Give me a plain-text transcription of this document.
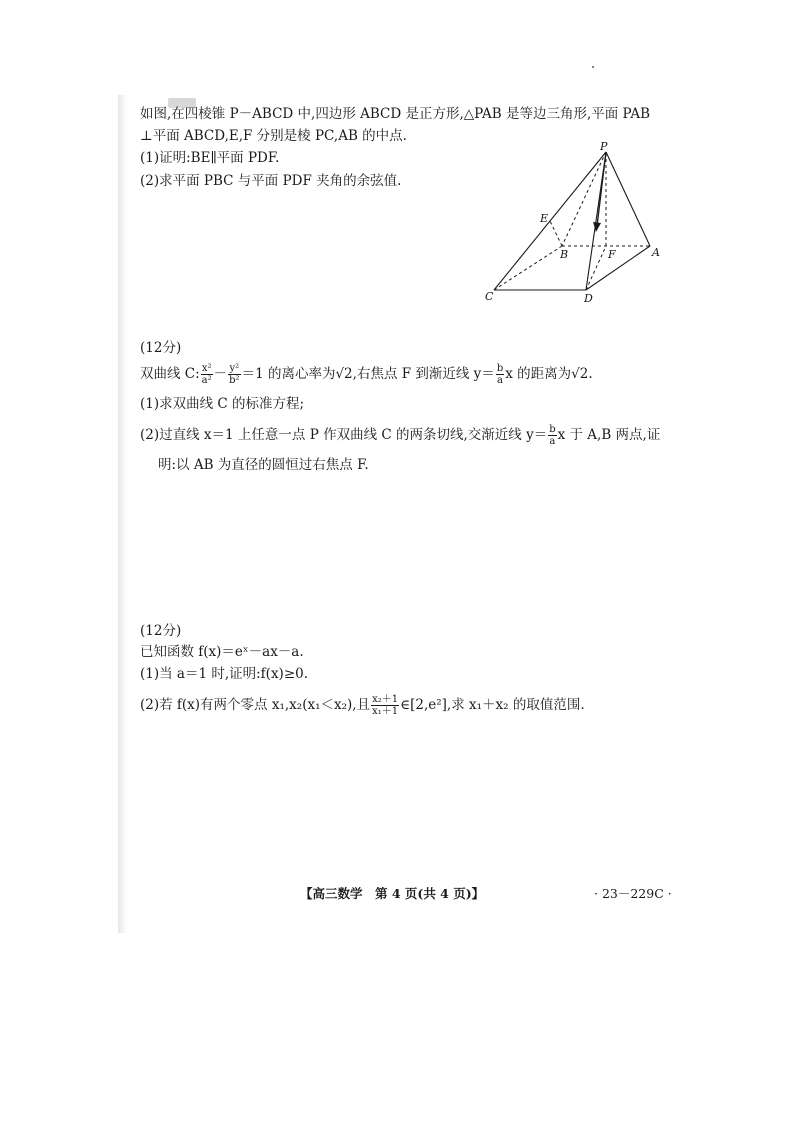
如图,在四棱锥 P－ABCD 中,四边形 ABCD 是正方形,△PAB 是等边三角形,平面 PAB
⊥平面 ABCD,E,F 分别是棱 PC,AB 的中点.
(1)证明:BE∥平面 PDF.
(2)求平面 PBC 与平面 PDF 夹角的余弦值.
P
E
B	F	A
C	D
(12分)
双曲线 C: $\frac{\text{x²}}{\text{a²}} - \frac{\text{y²}}{\text{b²}} =1$ 的离心率为√2,右焦点 F 到渐近线 $y= \frac{b}{a}$ x 的距离为√2.
(1)求双曲线 C 的标准方程;
(2)过直线 x＝1 上任意一点 P 作双曲线 C 的两条切线,交渐近线 $y= \frac{b}{a}$ x 于 A,B 两点,证
明:以 AB 为直径的圆恒过右焦点 F.
(12分)
已知函数 f(x)＝eˣ－ax－a.
(1)当 a＝1 时,证明:f(x)≥0.
(2)若 f(x)有两个零点 x₁,x₂(x₁＜x₂),且 $\frac{\text{x₂＋1}}{\text{x₁＋1}}$ ∈[2,e²],求 x₁＋x₂ 的取值范围.
【高三数学　第 4 页(共 4 页)】	· 23－229C ·
